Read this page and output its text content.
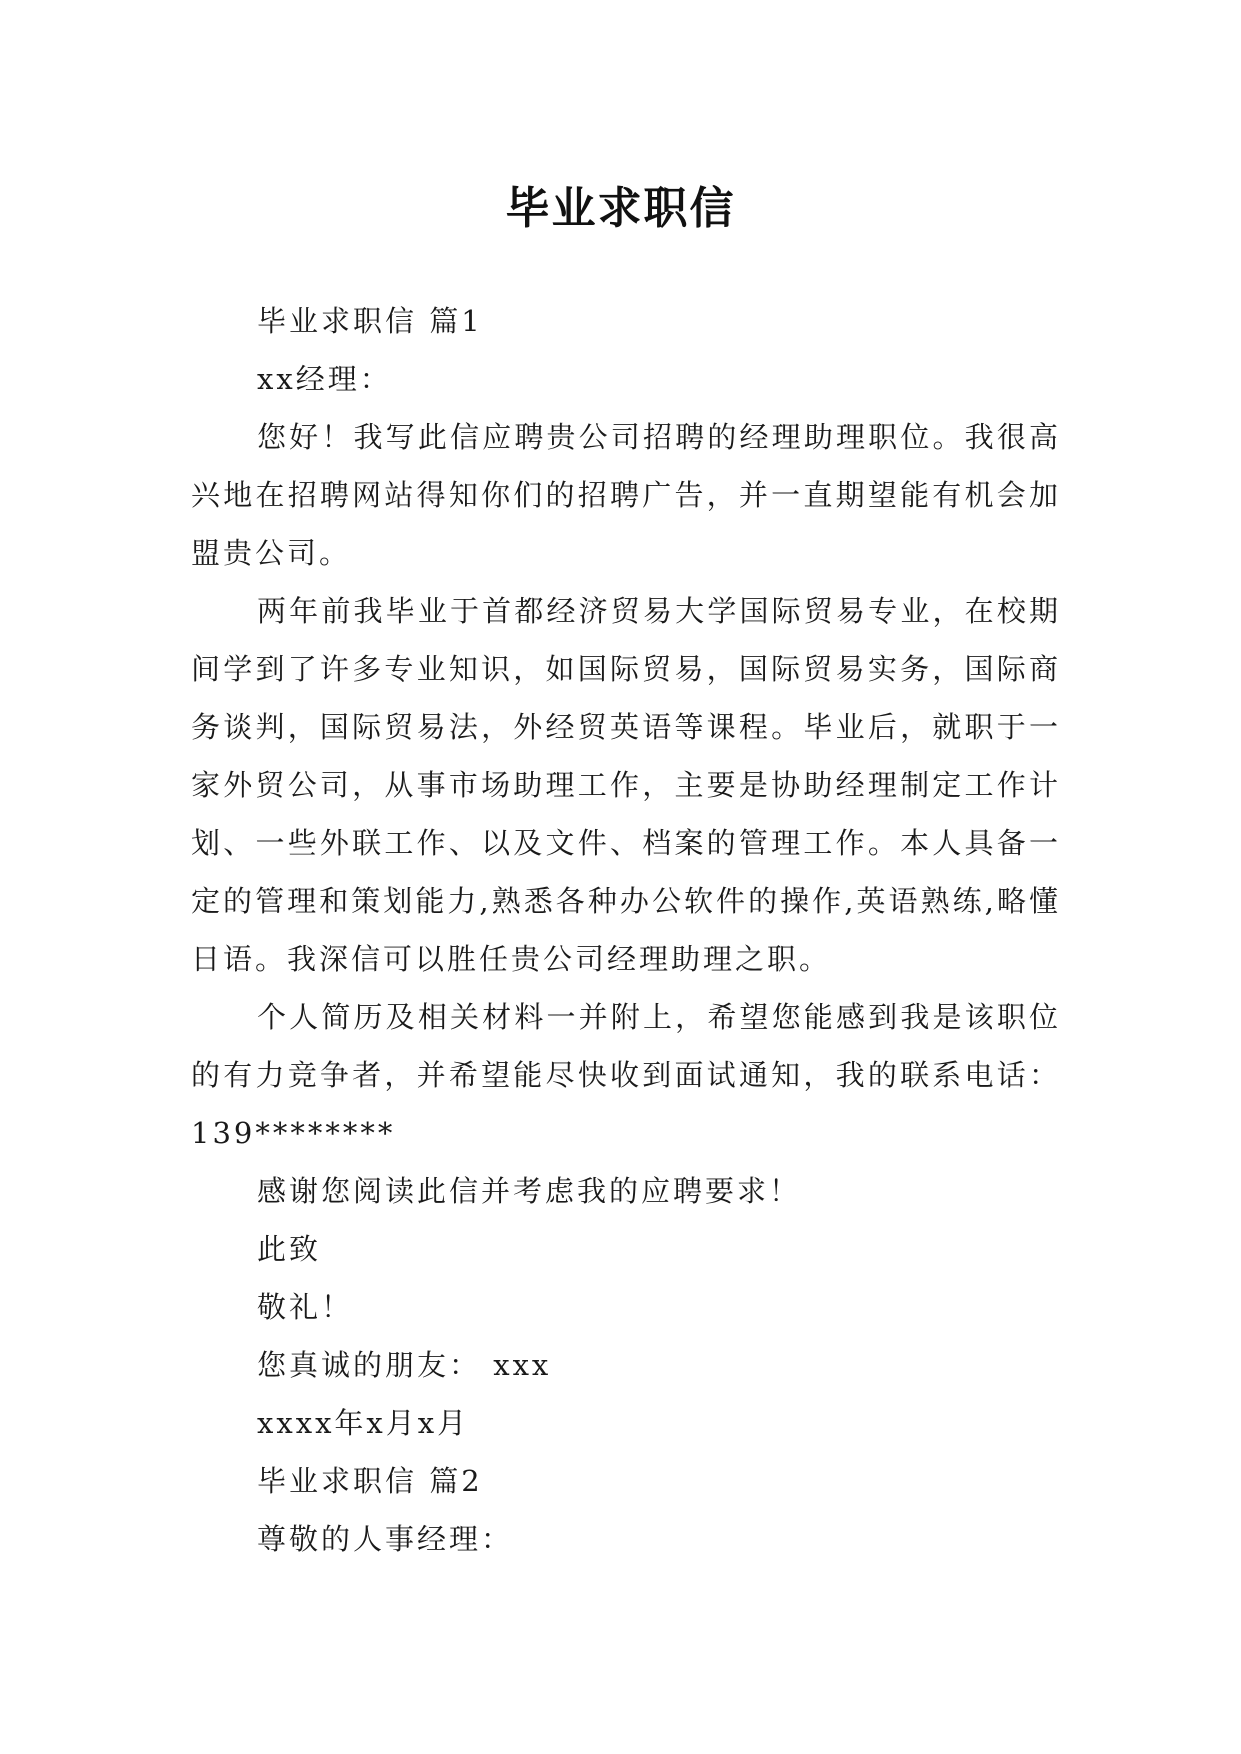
毕业求职信

毕业求职信 篇1

xx经理：

您好！我写此信应聘贵公司招聘的经理助理职位。我很高兴地在招聘网站得知你们的招聘广告，并一直期望能有机会加盟贵公司。

两年前我毕业于首都经济贸易大学国际贸易专业，在校期间学到了许多专业知识，如国际贸易，国际贸易实务，国际商务谈判，国际贸易法，外经贸英语等课程。毕业后，就职于一家外贸公司，从事市场助理工作，主要是协助经理制定工作计划、一些外联工作、以及文件、档案的管理工作。本人具备一定的管理和策划能力,熟悉各种办公软件的操作,英语熟练,略懂日语。我深信可以胜任贵公司经理助理之职。

个人简历及相关材料一并附上，希望您能感到我是该职位的有力竞争者，并希望能尽快收到面试通知，我的联系电话：139********

感谢您阅读此信并考虑我的应聘要求！

此致

敬礼！

您真诚的朋友： xxx

xxxx年x月x月

毕业求职信 篇2

尊敬的人事经理：
